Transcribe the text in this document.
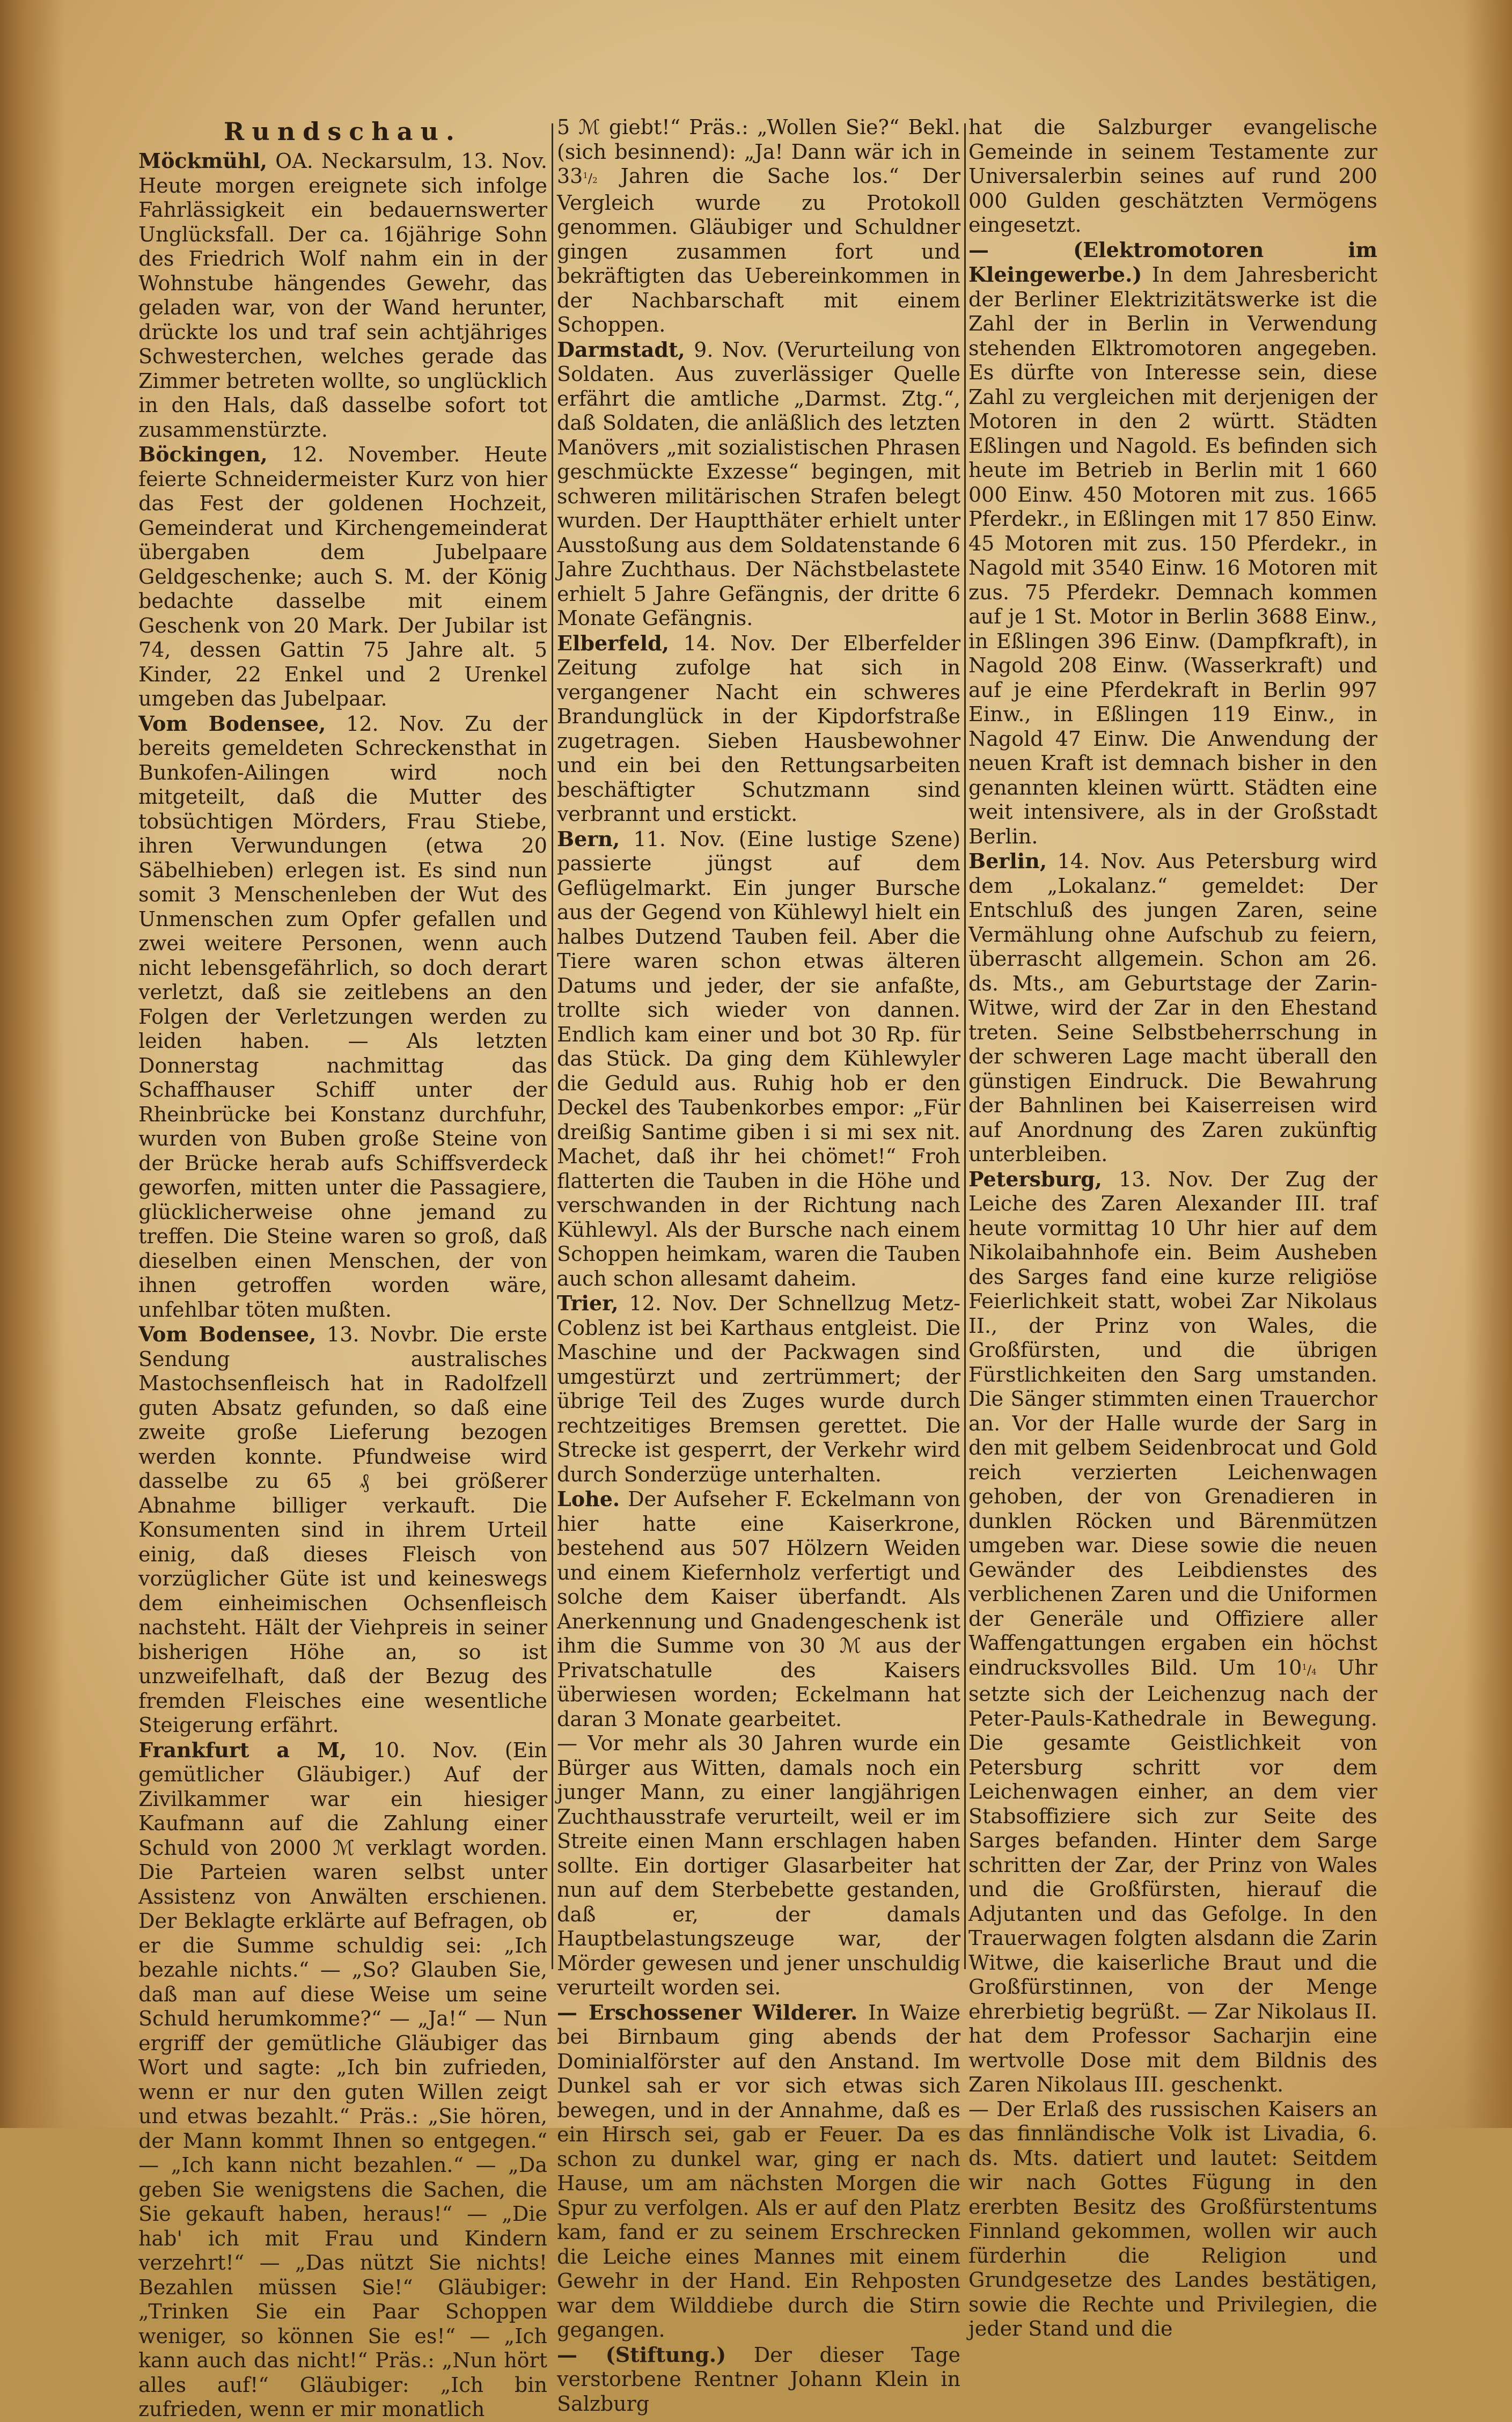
Rundschau.

Möckmühl, OA. Neckarsulm, 13. Nov. Heute morgen ereignete sich infolge Fahrlässigkeit ein bedauernswerter Unglücksfall. Der ca. 16jährige Sohn des Friedrich Wolf nahm ein in der Wohnstube hängendes Gewehr, das geladen war, von der Wand herunter, drückte los und traf sein achtjähriges Schwesterchen, welches gerade das Zimmer betreten wollte, so unglücklich in den Hals, daß dasselbe sofort tot zusammenstürzte.

Böckingen, 12. November. Heute feierte Schneidermeister Kurz von hier das Fest der goldenen Hochzeit, Gemeinderat und Kirchengemeinderat übergaben dem Jubelpaare Geldgeschenke; auch S. M. der König bedachte dasselbe mit einem Geschenk von 20 Mark. Der Jubilar ist 74, dessen Gattin 75 Jahre alt. 5 Kinder, 22 Enkel und 2 Urenkel umgeben das Jubelpaar.

Vom Bodensee, 12. Nov. Zu der bereits gemeldeten Schreckensthat in Bunkofen-Ailingen wird noch mitgeteilt, daß die Mutter des tobsüchtigen Mörders, Frau Stiebe, ihren Verwundungen (etwa 20 Säbelhieben) erlegen ist. Es sind nun somit 3 Menschenleben der Wut des Unmenschen zum Opfer gefallen und zwei weitere Personen, wenn auch nicht lebensgefährlich, so doch derart verletzt, daß sie zeitlebens an den Folgen der Verletzungen werden zu leiden haben. — Als letzten Donnerstag nachmittag das Schaffhauser Schiff unter der Rheinbrücke bei Konstanz durchfuhr, wurden von Buben große Steine von der Brücke herab aufs Schiffsverdeck geworfen, mitten unter die Passagiere, glücklicherweise ohne jemand zu treffen. Die Steine waren so groß, daß dieselben einen Menschen, der von ihnen getroffen worden wäre, unfehlbar töten mußten.

Vom Bodensee, 13. Novbr. Die erste Sendung australisches Mastochsenfleisch hat in Radolfzell guten Absatz gefunden, so daß eine zweite große Lieferung bezogen werden konnte. Pfundweise wird dasselbe zu 65 ₰ bei größerer Abnahme billiger verkauft. Die Konsumenten sind in ihrem Urteil einig, daß dieses Fleisch von vorzüglicher Güte ist und keineswegs dem einheimischen Ochsenfleisch nachsteht. Hält der Viehpreis in seiner bisherigen Höhe an, so ist unzweifelhaft, daß der Bezug des fremden Fleisches eine wesentliche Steigerung erfährt.

Frankfurt a M, 10. Nov. (Ein gemütlicher Gläubiger.) Auf der Zivilkammer war ein hiesiger Kaufmann auf die Zahlung einer Schuld von 2000 ℳ verklagt worden. Die Parteien waren selbst unter Assistenz von Anwälten erschienen. Der Beklagte erklärte auf Befragen, ob er die Summe schuldig sei: „Ich bezahle nichts.“ — „So? Glauben Sie, daß man auf diese Weise um seine Schuld herumkomme?“ — „Ja!“ — Nun ergriff der gemütliche Gläubiger das Wort und sagte: „Ich bin zufrieden, wenn er nur den guten Willen zeigt und etwas bezahlt.“ Präs.: „Sie hören, der Mann kommt Ihnen so entgegen.“ — „Ich kann nicht bezahlen.“ — „Da geben Sie wenigstens die Sachen, die Sie gekauft haben, heraus!“ — „Die hab' ich mit Frau und Kindern verzehrt!“ — „Das nützt Sie nichts! Bezahlen müssen Sie!“ Gläubiger: „Trinken Sie ein Paar Schoppen weniger, so können Sie es!“ — „Ich kann auch das nicht!“ Präs.: „Nun hört alles auf!“ Gläubiger: „Ich bin zufrieden, wenn er mir monatlich

5 ℳ giebt!“ Präs.: „Wollen Sie?“ Bekl. (sich besinnend): „Ja! Dann wär ich in $33^1/2$ Jahren die Sache los.“ Der Vergleich wurde zu Protokoll genommen. Gläubiger und Schuldner gingen zusammen fort und bekräftigten das Uebereinkommen in der Nachbarschaft mit einem Schoppen.

Darmstadt, 9. Nov. (Verurteilung von Soldaten. Aus zuverlässiger Quelle erfährt die amtliche „Darmst. Ztg.“, daß Soldaten, die anläßlich des letzten Manövers „mit sozialistischen Phrasen geschmückte Exzesse“ begingen, mit schweren militärischen Strafen belegt wurden. Der Hauptthäter erhielt unter Ausstoßung aus dem Soldatenstande 6 Jahre Zuchthaus. Der Nächstbelastete erhielt 5 Jahre Gefängnis, der dritte 6 Monate Gefängnis.

Elberfeld, 14. Nov. Der Elberfelder Zeitung zufolge hat sich in vergangener Nacht ein schweres Brandunglück in der Kipdorfstraße zugetragen. Sieben Hausbewohner und ein bei den Rettungsarbeiten beschäftigter Schutzmann sind verbrannt und erstickt.

Bern, 11. Nov. (Eine lustige Szene) passierte jüngst auf dem Geflügelmarkt. Ein junger Bursche aus der Gegend von Kühlewyl hielt ein halbes Dutzend Tauben feil. Aber die Tiere waren schon etwas älteren Datums und jeder, der sie anfaßte, trollte sich wieder von dannen. Endlich kam einer und bot 30 Rp. für das Stück. Da ging dem Kühlewyler die Geduld aus. Ruhig hob er den Deckel des Taubenkorbes empor: „Für dreißig Santime giben i si mi sex nit. Machet, daß ihr hei chömet!“ Froh flatterten die Tauben in die Höhe und verschwanden in der Richtung nach Kühlewyl. Als der Bursche nach einem Schoppen heimkam, waren die Tauben auch schon allesamt daheim.

Trier, 12. Nov. Der Schnellzug Metz-Coblenz ist bei Karthaus entgleist. Die Maschine und der Packwagen sind umgestürzt und zertrümmert; der übrige Teil des Zuges wurde durch rechtzeitiges Bremsen gerettet. Die Strecke ist gesperrt, der Verkehr wird durch Sonderzüge unterhalten.

Lohe. Der Aufseher F. Eckelmann von hier hatte eine Kaiserkrone, bestehend aus 507 Hölzern Weiden und einem Kiefernholz verfertigt und solche dem Kaiser überfandt. Als Anerkennung und Gnadengeschenk ist ihm die Summe von 30 ℳ aus der Privatschatulle des Kaisers überwiesen worden; Eckelmann hat daran 3 Monate gearbeitet.

— Vor mehr als 30 Jahren wurde ein Bürger aus Witten, damals noch ein junger Mann, zu einer langjährigen Zuchthausstrafe verurteilt, weil er im Streite einen Mann erschlagen haben sollte. Ein dortiger Glasarbeiter hat nun auf dem Sterbebette gestanden, daß er, der damals Hauptbelastungszeuge war, der Mörder gewesen und jener unschuldig verurteilt worden sei.

— Erschossener Wilderer. In Waize bei Birnbaum ging abends der Dominialförster auf den Anstand. Im Dunkel sah er vor sich etwas sich bewegen, und in der Annahme, daß es ein Hirsch sei, gab er Feuer. Da es schon zu dunkel war, ging er nach Hause, um am nächsten Morgen die Spur zu verfolgen. Als er auf den Platz kam, fand er zu seinem Erschrecken die Leiche eines Mannes mit einem Gewehr in der Hand. Ein Rehposten war dem Wilddiebe durch die Stirn gegangen.

— (Stiftung.) Der dieser Tage verstorbene Rentner Johann Klein in Salzburg

hat die Salzburger evangelische Gemeinde in seinem Testamente zur Universalerbin seines auf rund 200 000 Gulden geschätzten Vermögens eingesetzt.

— (Elektromotoren im Kleingewerbe.) In dem Jahresbericht der Berliner Elektrizitätswerke ist die Zahl der in Berlin in Verwendung stehenden Elktromotoren angegeben. Es dürfte von Interesse sein, diese Zahl zu vergleichen mit derjenigen der Motoren in den 2 württ. Städten Eßlingen und Nagold. Es befinden sich heute im Betrieb in Berlin mit 1 660 000 Einw. 450 Motoren mit zus. 1665 Pferdekr., in Eßlingen mit 17 850 Einw. 45 Motoren mit zus. 150 Pferdekr., in Nagold mit 3540 Einw. 16 Motoren mit zus. 75 Pferdekr. Demnach kommen auf je 1 St. Motor in Berlin 3688 Einw., in Eßlingen 396 Einw. (Dampfkraft), in Nagold 208 Einw. (Wasserkraft) und auf je eine Pferdekraft in Berlin 997 Einw., in Eßlingen 119 Einw., in Nagold 47 Einw. Die Anwendung der neuen Kraft ist demnach bisher in den genannten kleinen württ. Städten eine weit intensivere, als in der Großstadt Berlin.

Berlin, 14. Nov. Aus Petersburg wird dem „Lokalanz.“ gemeldet: Der Entschluß des jungen Zaren, seine Vermählung ohne Aufschub zu feiern, überrascht allgemein. Schon am 26. ds. Mts., am Geburtstage der Zarin-Witwe, wird der Zar in den Ehestand treten. Seine Selbstbeherrschung in der schweren Lage macht überall den günstigen Eindruck. Die Bewahrung der Bahnlinen bei Kaiserreisen wird auf Anordnung des Zaren zukünftig unterbleiben.

Petersburg, 13. Nov. Der Zug der Leiche des Zaren Alexander III. traf heute vormittag 10 Uhr hier auf dem Nikolaibahnhofe ein. Beim Ausheben des Sarges fand eine kurze religiöse Feierlichkeit statt, wobei Zar Nikolaus II., der Prinz von Wales, die Großfürsten, und die übrigen Fürstlichkeiten den Sarg umstanden. Die Sänger stimmten einen Trauerchor an. Vor der Halle wurde der Sarg in den mit gelbem Seidenbrocat und Gold reich verzierten Leichenwagen gehoben, der von Grenadieren in dunklen Röcken und Bärenmützen umgeben war. Diese sowie die neuen Gewänder des Leibdienstes des verblichenen Zaren und die Uniformen der Generäle und Offiziere aller Waffengattungen ergaben ein höchst eindrucksvolles Bild. Um $10^1/4$ Uhr setzte sich der Leichenzug nach der Peter-Pauls-Kathedrale in Bewegung. Die gesamte Geistlichkeit von Petersburg schritt vor dem Leichenwagen einher, an dem vier Stabsoffiziere sich zur Seite des Sarges befanden. Hinter dem Sarge schritten der Zar, der Prinz von Wales und die Großfürsten, hierauf die Adjutanten und das Gefolge. In den Trauerwagen folgten alsdann die Zarin Witwe, die kaiserliche Braut und die Großfürstinnen, von der Menge ehrerbietig begrüßt. — Zar Nikolaus II. hat dem Professor Sacharjin eine wertvolle Dose mit dem Bildnis des Zaren Nikolaus III. geschenkt.

— Der Erlaß des russischen Kaisers an das finnländische Volk ist Livadia, 6. ds. Mts. datiert und lautet: Seitdem wir nach Gottes Fügung in den ererbten Besitz des Großfürstentums Finnland gekommen, wollen wir auch fürderhin die Religion und Grundgesetze des Landes bestätigen, sowie die Rechte und Privilegien, die jeder Stand und die
